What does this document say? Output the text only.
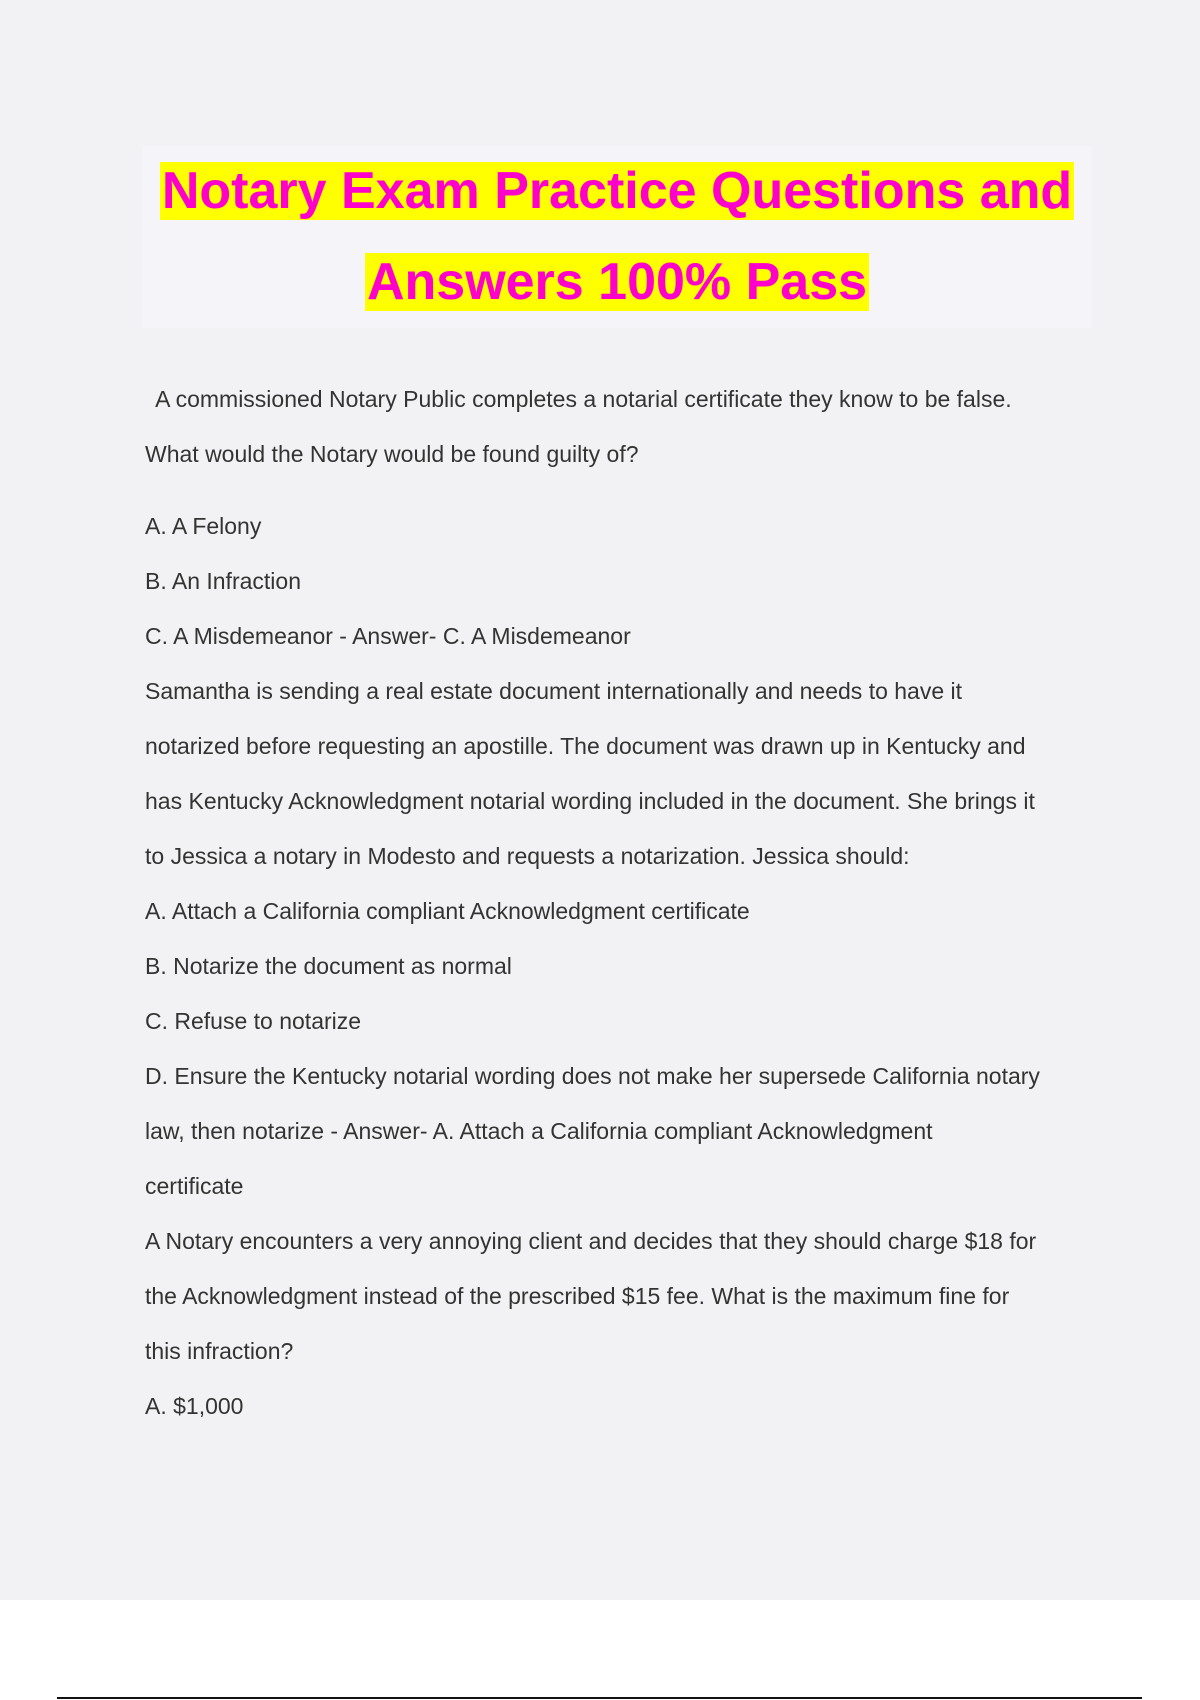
Notary Exam Practice Questions and
Answers 100% Pass

A commissioned Notary Public completes a notarial certificate they know to be false.

What would the Notary would be found guilty of?

A. A Felony

B. An Infraction

C. A Misdemeanor - Answer- C. A Misdemeanor

Samantha is sending a real estate document internationally and needs to have it

notarized before requesting an apostille. The document was drawn up in Kentucky and

has Kentucky Acknowledgment notarial wording included in the document. She brings it

to Jessica a notary in Modesto and requests a notarization. Jessica should:

A. Attach a California compliant Acknowledgment certificate

B. Notarize the document as normal

C. Refuse to notarize

D. Ensure the Kentucky notarial wording does not make her supersede California notary

law, then notarize - Answer- A. Attach a California compliant Acknowledgment

certificate

A Notary encounters a very annoying client and decides that they should charge $18 for

the Acknowledgment instead of the prescribed $15 fee. What is the maximum fine for

this infraction?

A. $1,000
